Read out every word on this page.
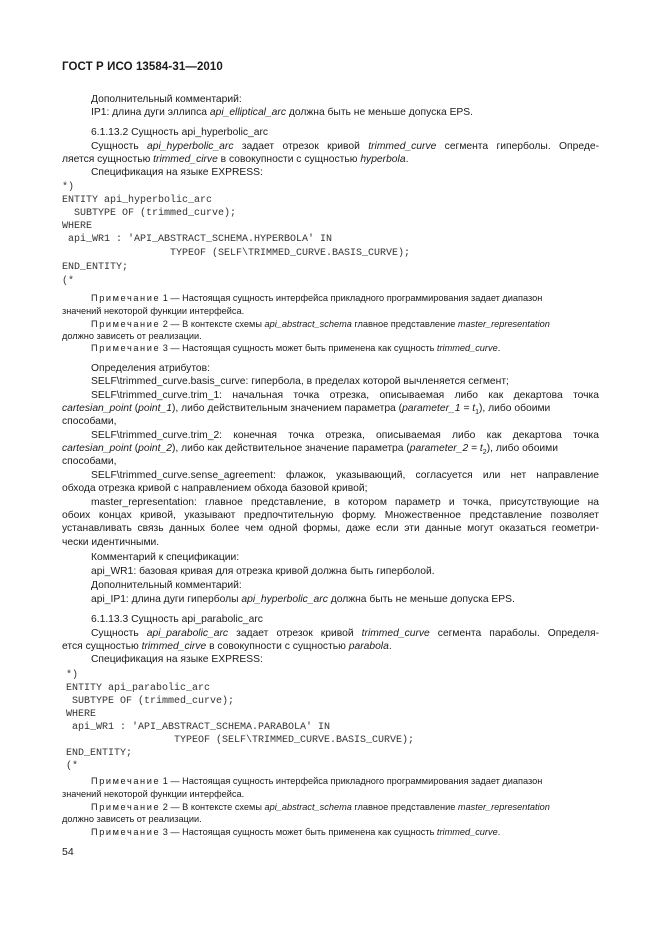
ГОСТ Р ИСО 13584-31—2010
Дополнительный комментарий:
IP1: длина дуги эллипса api_elliptical_arc должна быть не меньше допуска EPS.
6.1.13.2 Сущность api_hyperbolic_arc
Сущность api_hyperbolic_arc задает отрезок кривой trimmed_curve сегмента гиперболы. Опреде-
ляется сущностью trimmed_cirve в совокупности с сущностью hyperbola.
Спецификация на языке EXPRESS:
*)
ENTITY api_hyperbolic_arc
SUBTYPE OF (trimmed_curve);
WHERE
api_WR1 : 'API_ABSTRACT_SCHEMA.HYPERBOLA' IN
TYPEOF (SELF\TRIMMED_CURVE.BASIS_CURVE);
END_ENTITY;
(*
Примечание 1 — Настоящая сущность интерфейса прикладного программирования задает диапазон
значений некоторой функции интерфейса.
Примечание 2 — В контексте схемы api_abstract_schema главное представление master_representation
должно зависеть от реализации.
Примечание 3 — Настоящая сущность может быть применена как сущность trimmed_curve.
Определения атрибутов:
SELF\trimmed_curve.basis_curve: гипербола, в пределах которой вычленяется сегмент;
SELF\trimmed_curve.trim_1: начальная точка отрезка, описываемая либо как декартова точка
cartesian_point (point_1), либо действительным значением параметра (parameter_1 = $t_1$), либо обоими
способами,
SELF\trimmed_curve.trim_2: конечная точка отрезка, описываемая либо как декартова точка
cartesian_point (point_2), либо как действительное значение параметра (parameter_2 = $t_2$), либо обоими
способами,
SELF\trimmed_curve.sense_agreement: флажок, указывающий, согласуется или нет направление
обхода отрезка кривой с направлением обхода базовой кривой;
master_representation: главное представление, в котором параметр и точка, присутствующие на
обоих концах кривой, указывают предпочтительную форму. Множественное представление позволяет
устанавливать связь данных более чем одной формы, даже если эти данные могут оказаться геометри-
чески идентичными.
Комментарий к спецификации:
api_WR1: базовая кривая для отрезка кривой должна быть гиперболой.
Дополнительный комментарий:
api_IP1: длина дуги гиперболы api_hyperbolic_arc должна быть не меньше допуска EPS.
6.1.13.3 Сущность api_parabolic_arc
Сущность api_parabolic_arc задает отрезок кривой trimmed_curve сегмента параболы. Определя-
ется сущностью trimmed_cirve в совокупности с сущностью parabola.
Спецификация на языке EXPRESS:
*)
ENTITY api_parabolic_arc
SUBTYPE OF (trimmed_curve);
WHERE
api_WR1 : 'API_ABSTRACT_SCHEMA.PARABOLA' IN
TYPEOF (SELF\TRIMMED_CURVE.BASIS_CURVE);
END_ENTITY;
(*
Примечание 1 — Настоящая сущность интерфейса прикладного программирования задает диапазон
значений некоторой функции интерфейса.
Примечание 2 — В контексте схемы api_abstract_schema главное представление master_representation
должно зависеть от реализации.
Примечание 3 — Настоящая сущность может быть применена как сущность trimmed_curve.
54
